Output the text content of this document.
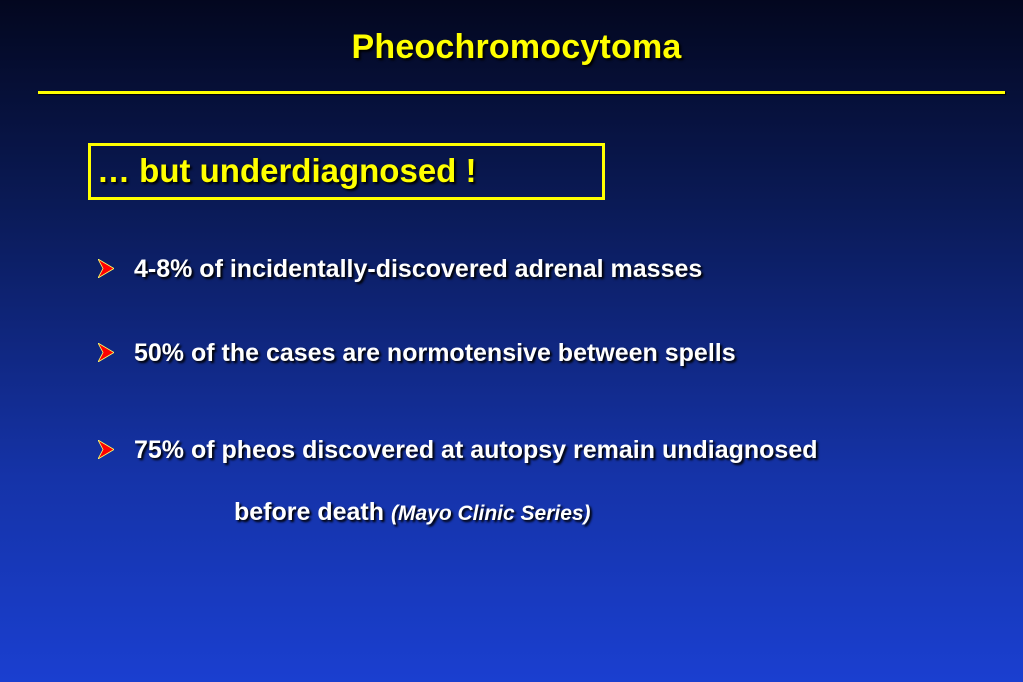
Pheochromocytoma
… but underdiagnosed !
4-8% of incidentally-discovered adrenal masses
50% of the cases are normotensive between spells
75% of pheos discovered at autopsy remain undiagnosed
before death (Mayo Clinic Series)
